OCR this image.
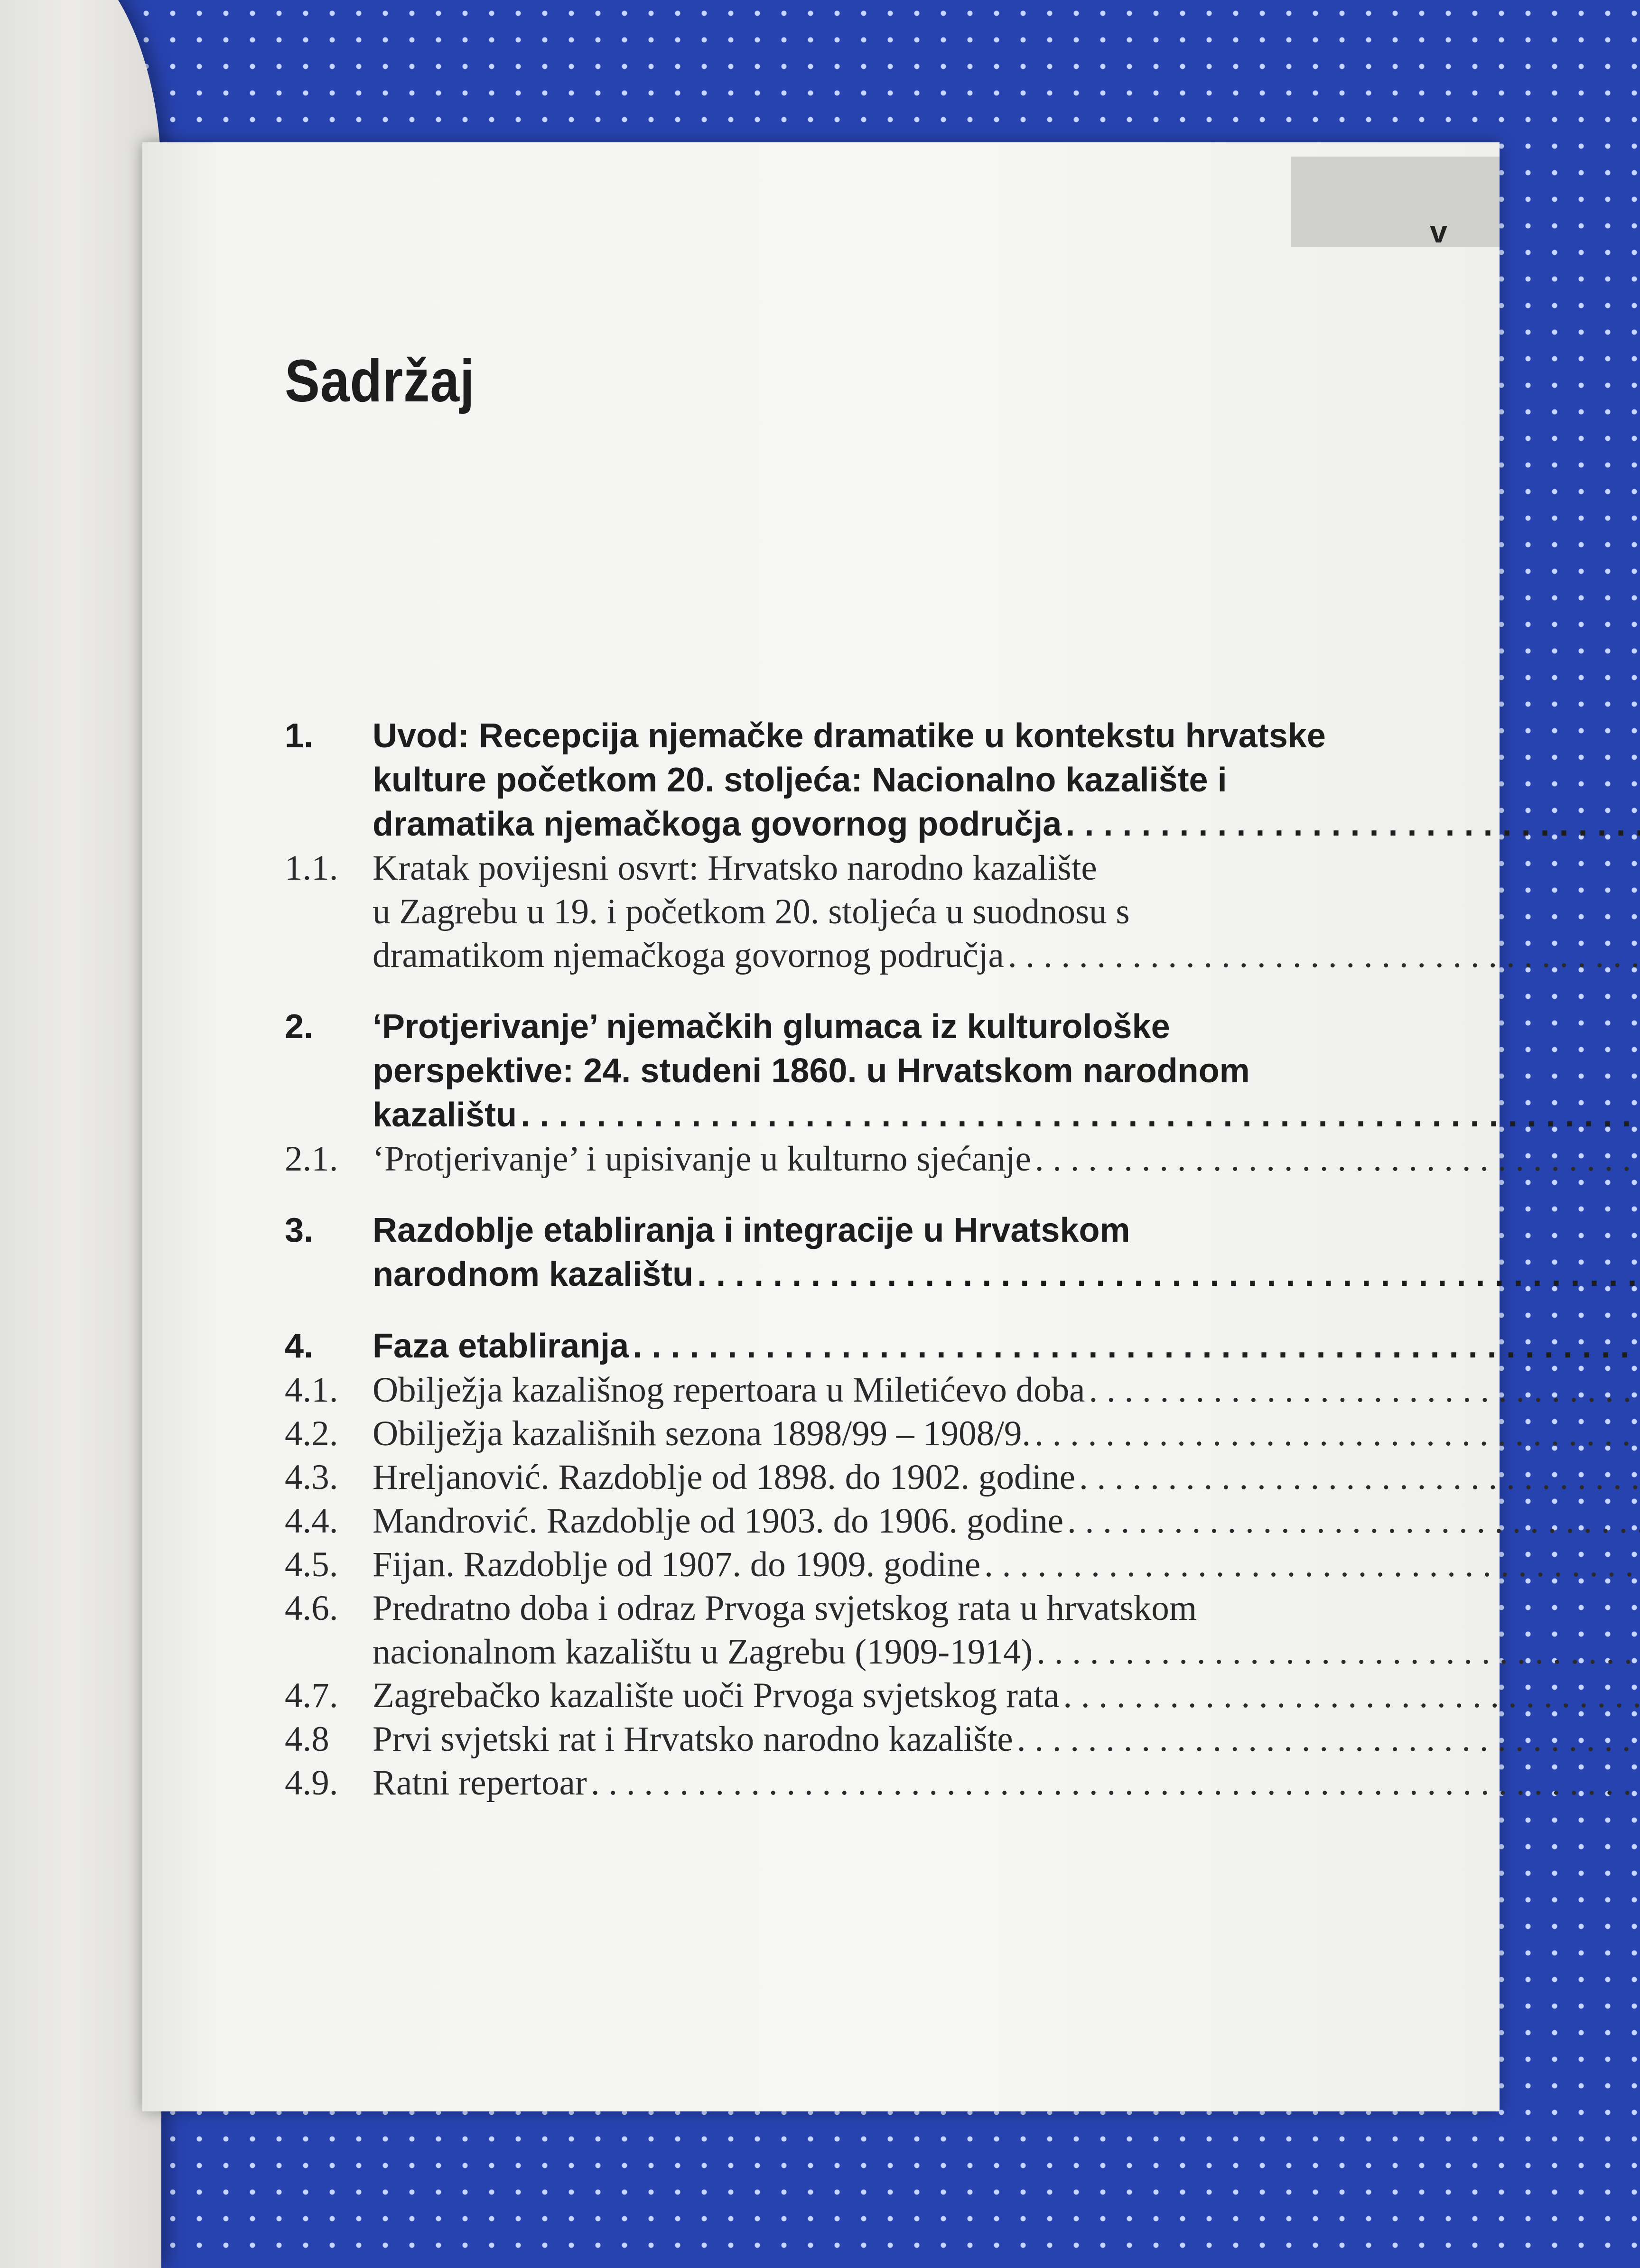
v
Sadržaj
1.	Uvod: Recepcija njemačke dramatike u kontekstu hrvatske
kulture početkom 20. stoljeća: Nacionalno kazalište i
dramatika njemačkoga govornog područja
. . .
1.1. Kratak povijesni osvrt: Hrvatsko narodno kazalište
u Zagrebu u 19. i početkom 20. stoljeća u suodnosu s
dramatikom njemačkoga govornog područja
. . .
2.	‘Protjerivanje’ njemačkih glumaca iz kulturološke
perspektive: 24. studeni 1860. u Hrvatskom narodnom
kazalištu
. . .
2.1. ‘Protjerivanje’ i upisivanje u kulturno sjećanje
. . .
3.	Razdoblje etabliranja i integracije u Hrvatskom
narodnom kazalištu
. . .
4.	Faza etabliranja
. . .
4.1. Obilježja kazališnog repertoara u Miletićevo doba
. . .
4.2. Obilježja kazališnih sezona 1898/99 – 1908/9.
. . .
4.3. Hreljanović. Razdoblje od 1898. do 1902. godine
. . .
4.4. Mandrović. Razdoblje od 1903. do 1906. godine
. . .
4.5. Fijan. Razdoblje od 1907. do 1909. godine
. . .
4.6. Predratno doba i odraz Prvoga svjetskog rata u hrvatskom
nacionalnom kazalištu u Zagrebu (1909-1914)
. . .
4.7. Zagrebačko kazalište uoči Prvoga svjetskog rata
. . .
4.8	Prvi svjetski rat i Hrvatsko narodno kazalište
. . .
4.9. Ratni repertoar
. . .
